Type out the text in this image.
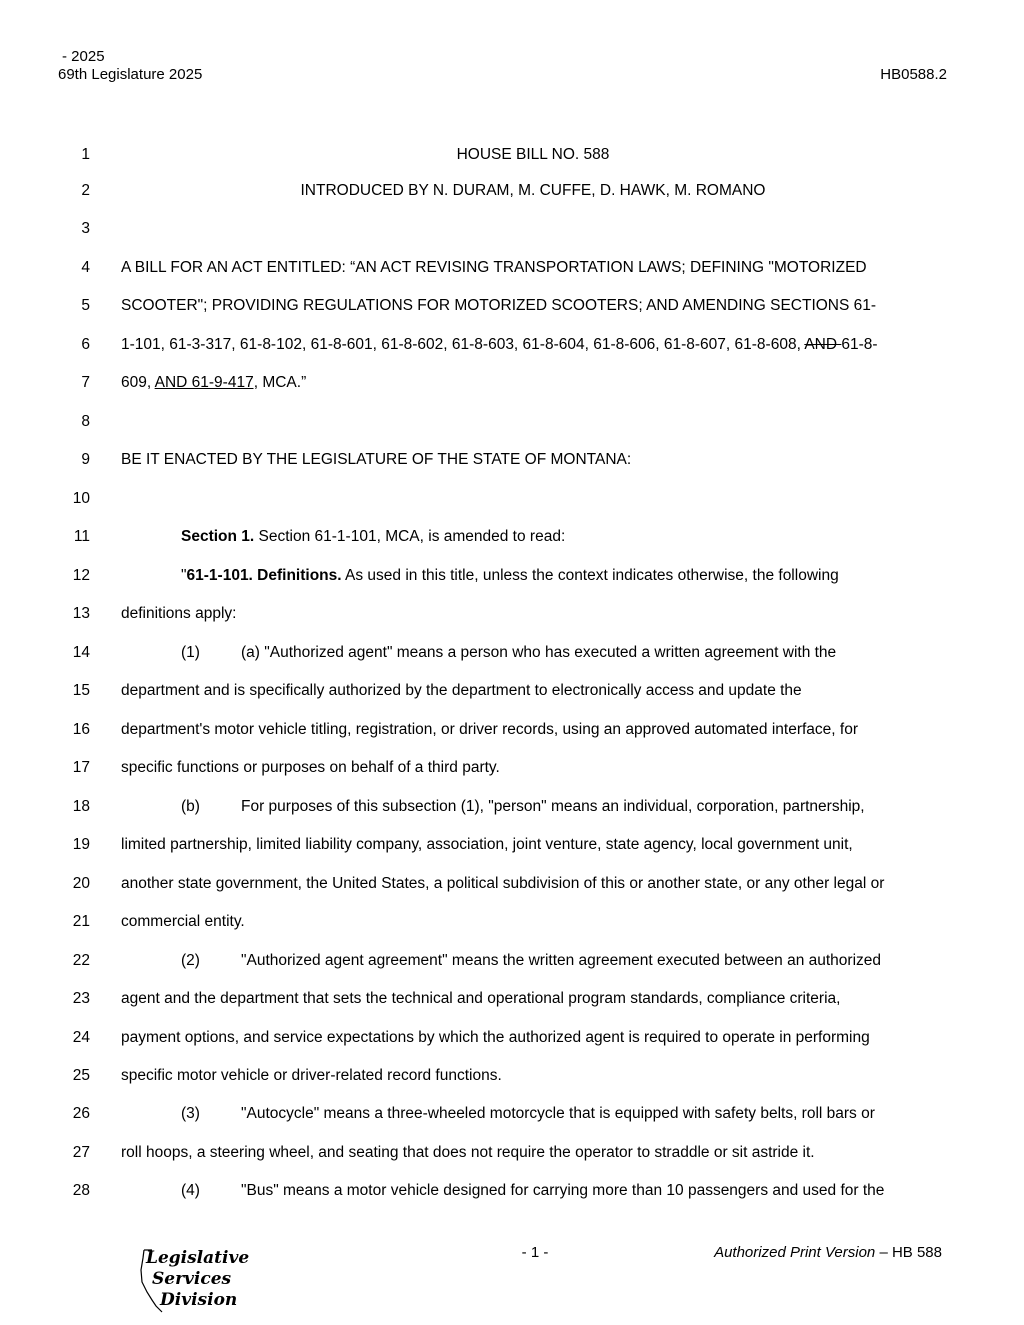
- 2025
69th Legislature 2025	HB0588.2
1	HOUSE BILL NO. 588
2	INTRODUCED BY N. DURAM, M. CUFFE, D. HAWK, M. ROMANO
3
4 A BILL FOR AN ACT ENTITLED: “AN ACT REVISING TRANSPORTATION LAWS; DEFINING "MOTORIZED
5 SCOOTER"; PROVIDING REGULATIONS FOR MOTORIZED SCOOTERS; AND AMENDING SECTIONS 61-
6 1-101, 61-3-317, 61-8-102, 61-8-601, 61-8-602, 61-8-603, 61-8-604, 61-8-606, 61-8-607, 61-8-608, AND 61-8-
7 609, AND 61-9-417, MCA.”
8
9 BE IT ENACTED BY THE LEGISLATURE OF THE STATE OF MONTANA:
10
11	Section 1. Section 61-1-101, MCA, is amended to read:
12	"61-1-101. Definitions. As used in this title, unless the context indicates otherwise, the following
13 definitions apply:
14	(1)	(a) "Authorized agent" means a person who has executed a written agreement with the
15 department and is specifically authorized by the department to electronically access and update the
16 department's motor vehicle titling, registration, or driver records, using an approved automated interface, for
17 specific functions or purposes on behalf of a third party.
18	(b)	For purposes of this subsection (1), "person" means an individual, corporation, partnership,
19 limited partnership, limited liability company, association, joint venture, state agency, local government unit,
20 another state government, the United States, a political subdivision of this or another state, or any other legal or
21 commercial entity.
22	(2)	"Authorized agent agreement" means the written agreement executed between an authorized
23 agent and the department that sets the technical and operational program standards, compliance criteria,
24 payment options, and service expectations by which the authorized agent is required to operate in performing
25 specific motor vehicle or driver-related record functions.
26	(3)	"Autocycle" means a three-wheeled motorcycle that is equipped with safety belts, roll bars or
27 roll hoops, a steering wheel, and seating that does not require the operator to straddle or sit astride it.
28	(4)	"Bus" means a motor vehicle designed for carrying more than 10 passengers and used for the
Legislative
Services
Division
- 1 -	Authorized Print Version – HB 588
